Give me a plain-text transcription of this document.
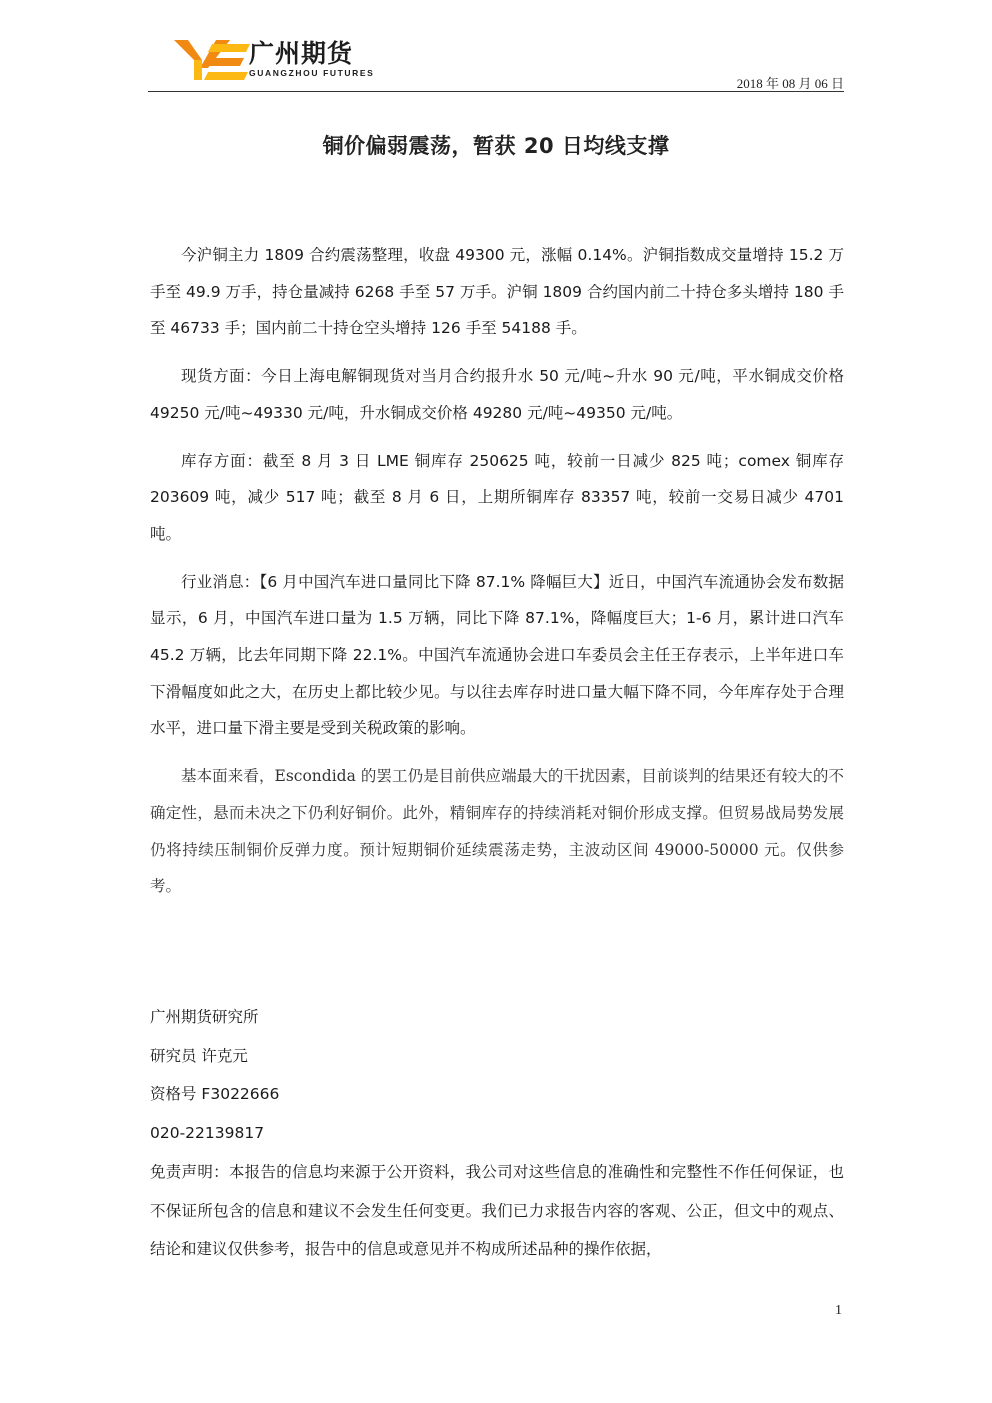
广州期货
GUANGZHOU FUTURES
2018 年 08 月 06 日
铜价偏弱震荡，暂获 20 日均线支撑

今沪铜主力 1809 合约震荡整理，收盘 49300 元，涨幅 0.14%。沪铜指数成交量增持 15.2 万手至 49.9 万手，持仓量减持 6268 手至 57 万手。沪铜 1809 合约国内前二十持仓多头增持 180 手至 46733 手；国内前二十持仓空头增持 126 手至 54188 手。

现货方面：今日上海电解铜现货对当月合约报升水 50 元/吨~升水 90 元/吨，平水铜成交价格 49250 元/吨~49330 元/吨，升水铜成交价格 49280 元/吨~49350 元/吨。

库存方面：截至 8 月 3 日 LME 铜库存 250625 吨，较前一日减少 825 吨；comex 铜库存 203609 吨，减少 517 吨；截至 8 月 6 日，上期所铜库存 83357 吨，较前一交易日减少 4701 吨。

行业消息：【6 月中国汽车进口量同比下降 87.1% 降幅巨大】近日，中国汽车流通协会发布数据显示，6 月，中国汽车进口量为 1.5 万辆，同比下降 87.1%，降幅度巨大；1-6 月，累计进口汽车 45.2 万辆，比去年同期下降 22.1%。中国汽车流通协会进口车委员会主任王存表示，上半年进口车下滑幅度如此之大，在历史上都比较少见。与以往去库存时进口量大幅下降不同，今年库存处于合理水平，进口量下滑主要是受到关税政策的影响。

基本面来看，Escondida 的罢工仍是目前供应端最大的干扰因素，目前谈判的结果还有较大的不确定性，悬而未决之下仍利好铜价。此外，精铜库存的持续消耗对铜价形成支撑。但贸易战局势发展仍将持续压制铜价反弹力度。预计短期铜价延续震荡走势，主波动区间 49000-50000 元。仅供参考。

广州期货研究所
研究员 许克元
资格号 F3022666
020-22139817

免责声明：本报告的信息均来源于公开资料，我公司对这些信息的准确性和完整性不作任何保证，也不保证所包含的信息和建议不会发生任何变更。我们已力求报告内容的客观、公正，但文中的观点、结论和建议仅供参考，报告中的信息或意见并不构成所述品种的操作依据，

1
